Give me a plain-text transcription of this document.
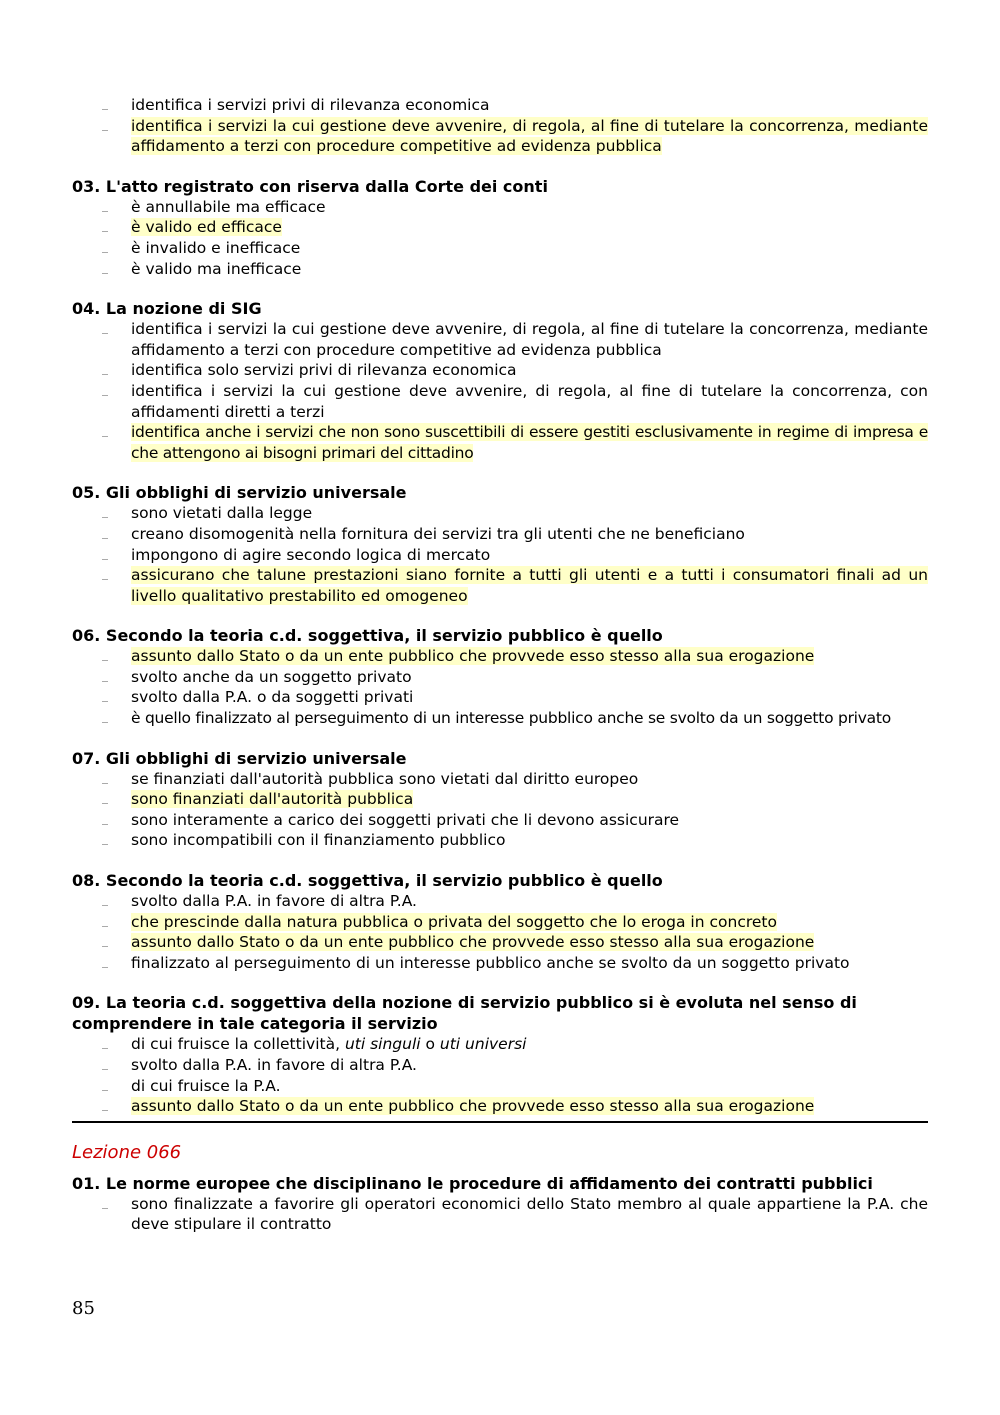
identifica i servizi privi di rilevanza economica
identifica i servizi la cui gestione deve avvenire, di regola, al fine di tutelare la concorrenza, mediante affidamento a terzi con procedure competitive ad evidenza pubblica
03. L'atto registrato con riserva dalla Corte dei conti
è annullabile ma efficace
è valido ed efficace
è invalido e inefficace
è valido ma inefficace
04. La nozione di SIG
identifica i servizi la cui gestione deve avvenire, di regola, al fine di tutelare la concorrenza, mediante affidamento a terzi con procedure competitive ad evidenza pubblica
identifica solo servizi privi di rilevanza economica
identifica i servizi la cui gestione deve avvenire, di regola, al fine di tutelare la concorrenza, con affidamenti diretti a terzi
identifica anche i servizi che non sono suscettibili di essere gestiti esclusivamente in regime di impresa e che attengono ai bisogni primari del cittadino
05. Gli obblighi di servizio universale
sono vietati dalla legge
creano disomogenità nella fornitura dei servizi tra gli utenti che ne beneficiano
impongono di agire secondo logica di mercato
assicurano che talune prestazioni siano fornite a tutti gli utenti e a tutti i consumatori finali ad un livello qualitativo prestabilito ed omogeneo
06. Secondo la teoria c.d. soggettiva, il servizio pubblico è quello
assunto dallo Stato o da un ente pubblico che provvede esso stesso alla sua erogazione
svolto anche da un soggetto privato
svolto dalla P.A. o da soggetti privati
è quello finalizzato al perseguimento di un interesse pubblico anche se svolto da un soggetto privato
07. Gli obblighi di servizio universale
se finanziati dall'autorità pubblica sono vietati dal diritto europeo
sono finanziati dall'autorità pubblica
sono interamente a carico dei soggetti privati che li devono assicurare
sono incompatibili con il finanziamento pubblico
08. Secondo la teoria c.d. soggettiva, il servizio pubblico è quello
svolto dalla P.A. in favore di altra P.A.
che prescinde dalla natura pubblica o privata del soggetto che lo eroga in concreto
assunto dallo Stato o da un ente pubblico che provvede esso stesso alla sua erogazione
finalizzato al perseguimento di un interesse pubblico anche se svolto da un soggetto privato
09. La teoria c.d. soggettiva della nozione di servizio pubblico si è evoluta nel senso di comprendere in tale categoria il servizio
di cui fruisce la collettività, uti singuli o uti universi
svolto dalla P.A. in favore di altra P.A.
di cui fruisce la P.A.
assunto dallo Stato o da un ente pubblico che provvede esso stesso alla sua erogazione
Lezione 066
01. Le norme europee che disciplinano le procedure di affidamento dei contratti pubblici
sono finalizzate a favorire gli operatori economici dello Stato membro al quale appartiene la P.A. che deve stipulare il contratto
85
